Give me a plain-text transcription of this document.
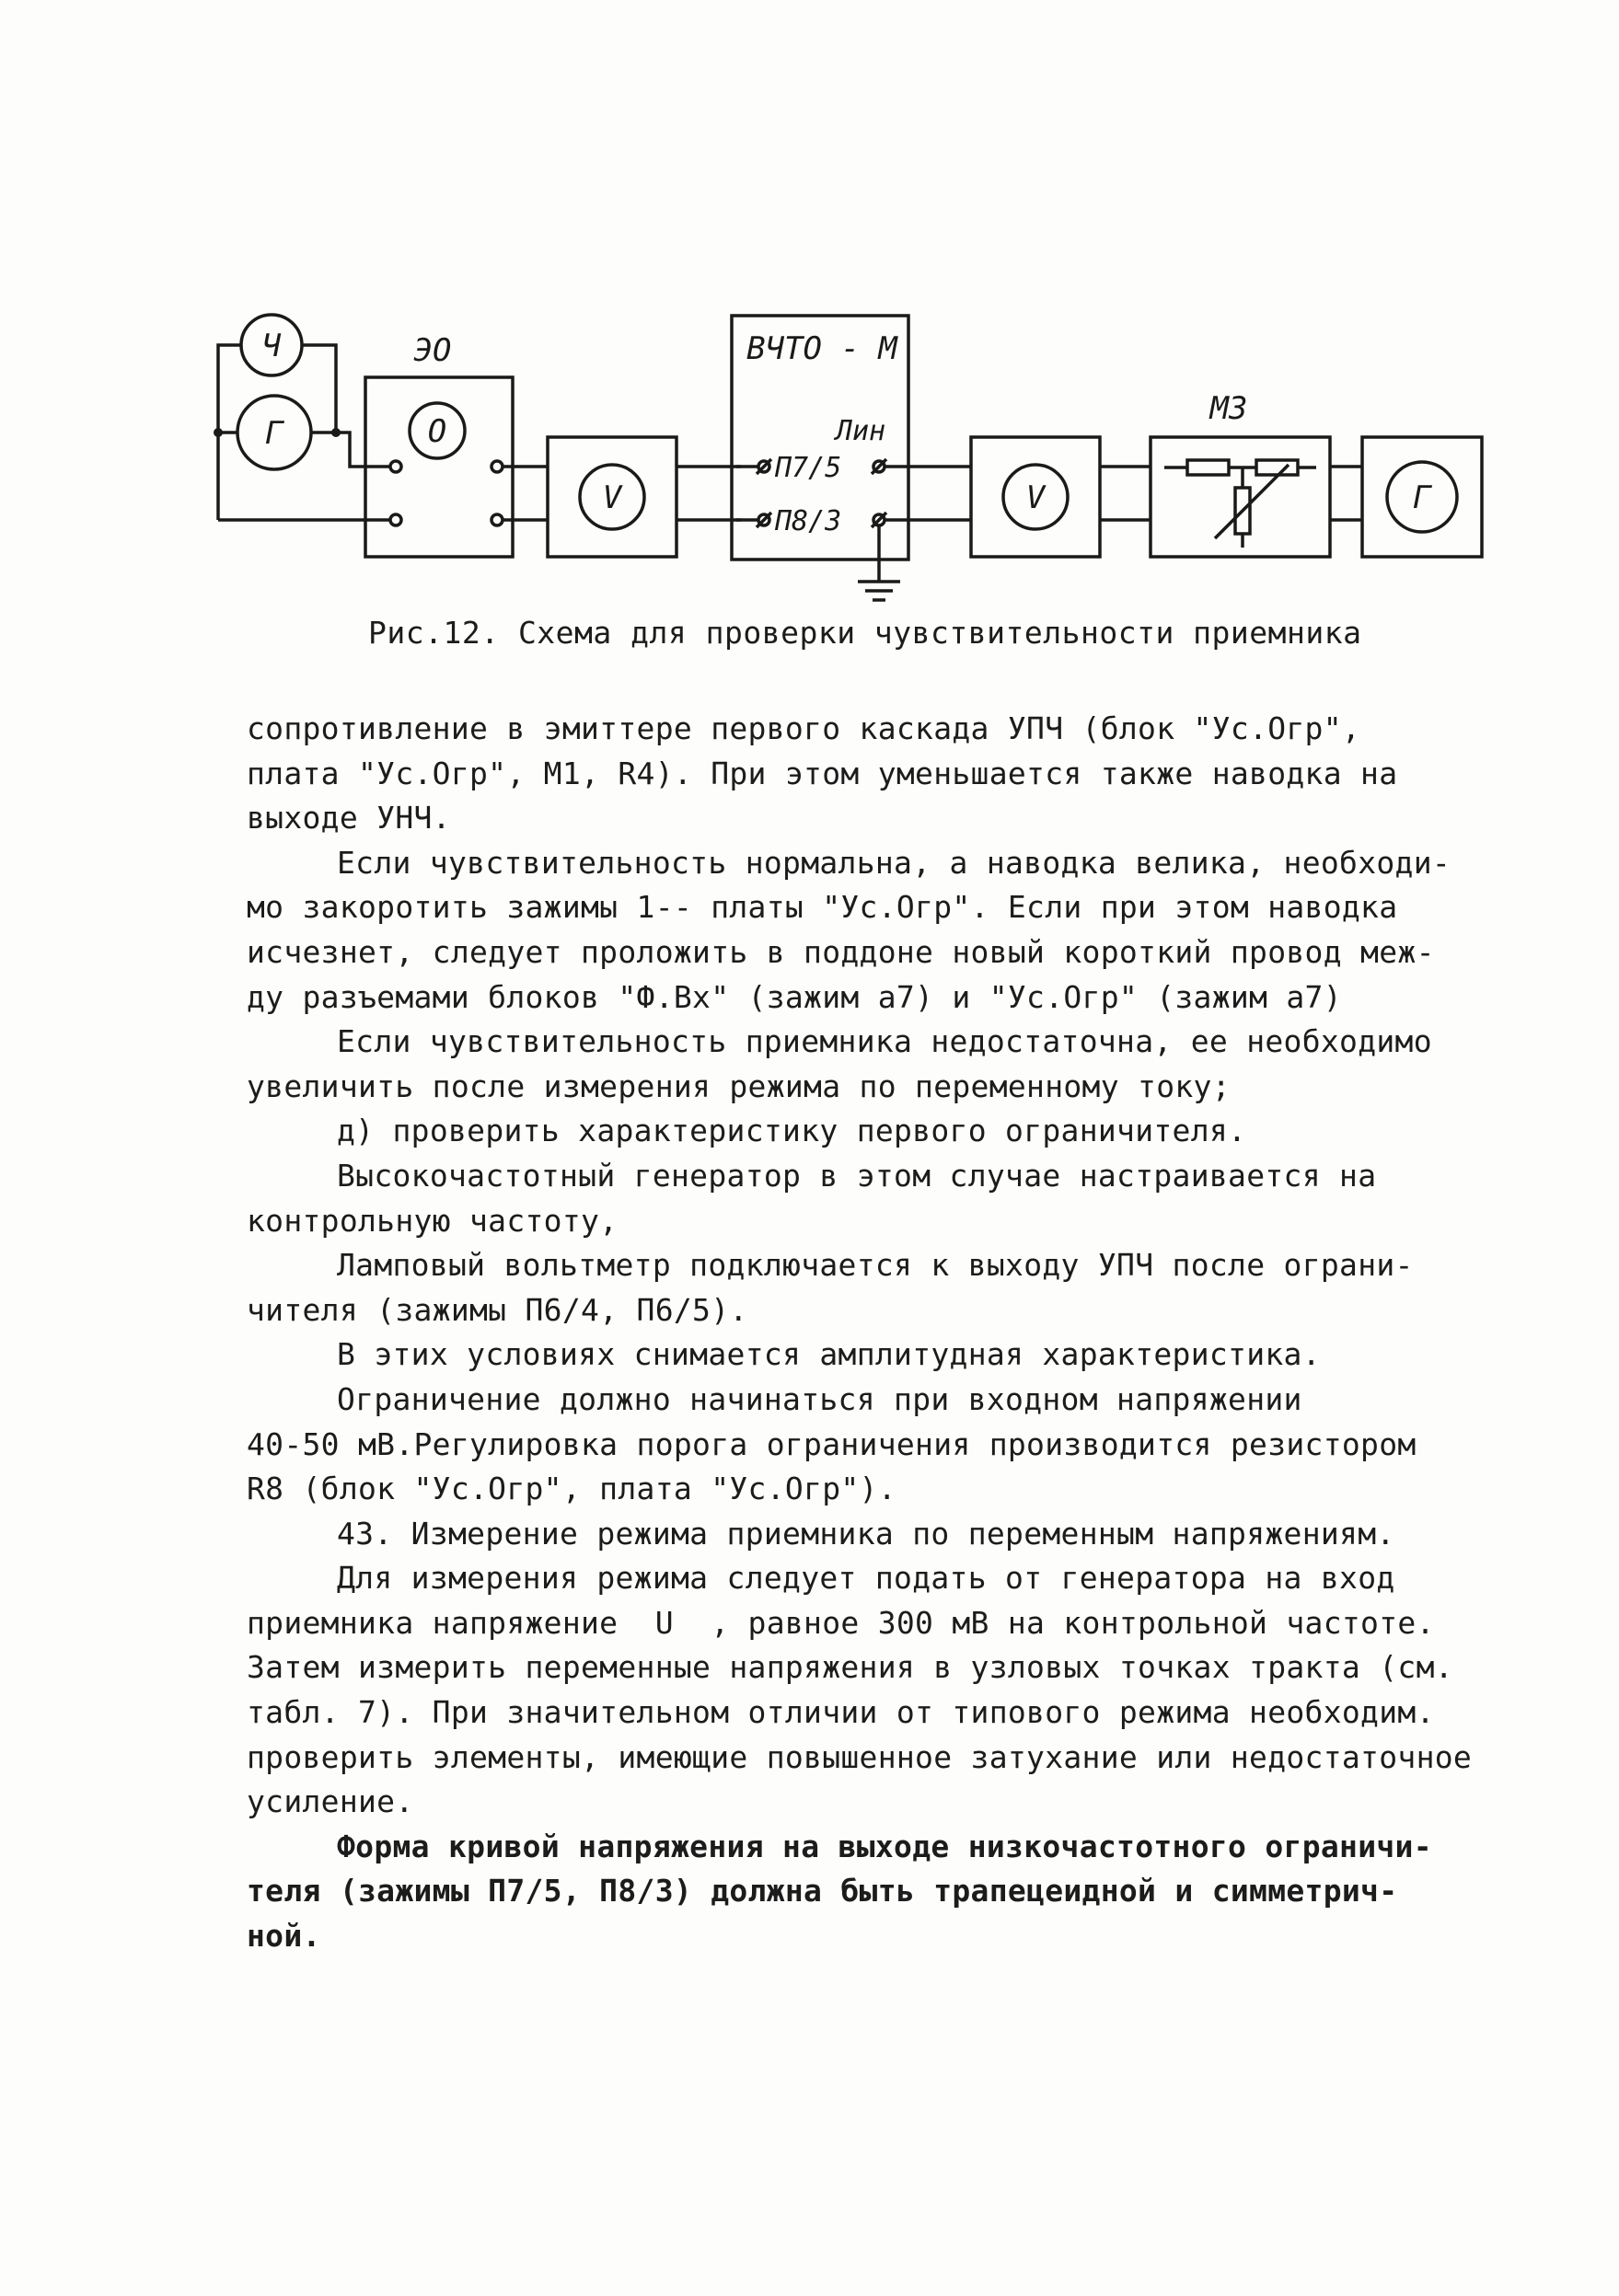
Ч
Г
ЭО
О
V
ВЧТО - М
Лин
П7/5
П8/3
V
МЗ
Г
Рис.12. Схема для проверки чувствительности приемника
сопротивление в эмиттере первого каскада УПЧ (блок "Ус.Огр",
плата "Ус.Огр", М1, R4). При этом уменьшается также наводка на
выходе УНЧ.
Если чувствительность нормальна, а наводка велика, необходи-
мо закоротить зажимы 1-- платы "Ус.Огр". Если при этом наводка
исчезнет, следует проложить в поддоне новый короткий провод меж-
ду разъемами блоков "Ф.Вх" (зажим а7) и "Ус.Огр" (зажим а7)
Если чувствительность приемника недостаточна, ее необходимо
увеличить после измерения режима по переменному току;
д) проверить характеристику первого ограничителя.
Высокочастотный генератор в этом случае настраивается на
контрольную частоту,
Ламповый вольтметр подключается к выходу УПЧ после ограни-
чителя (зажимы П6/4, П6/5).
В этих условиях снимается амплитудная характеристика.
Ограничение должно начинаться при входном напряжении
40-50 мВ.Регулировка порога ограничения производится резистором
R8 (блок "Ус.Огр", плата "Ус.Огр").
43. Измерение режима приемника по переменным напряжениям.
Для измерения режима следует подать от генератора на вход
приемника напряжение  U  , равное 300 мВ на контрольной частоте.
Затем измерить переменные напряжения в узловых точках тракта (см.
табл. 7). При значительном отличии от типового режима необходим.
проверить элементы, имеющие повышенное затухание или недостаточное
усиление.
Форма кривой напряжения на выходе низкочастотного ограничи-
теля (зажимы П7/5, П8/3) должна быть трапецеидной и симметрич-
ной.
